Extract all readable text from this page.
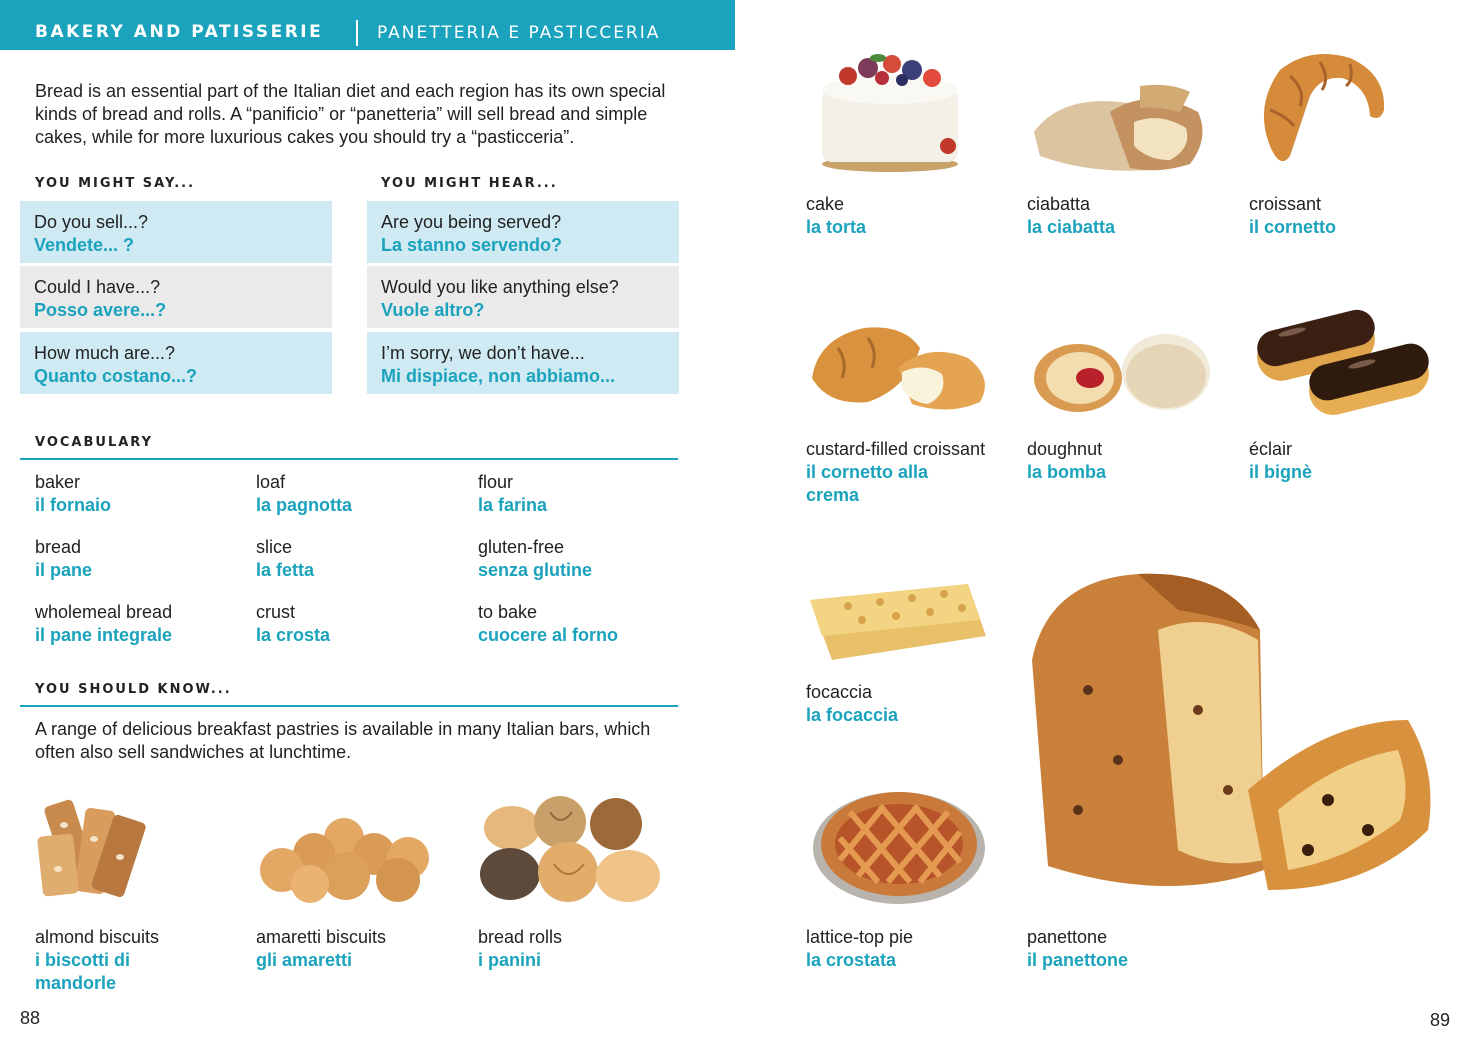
BAKERY AND PATISSERIE	PANETTERIA E PASTICCERIA
Bread is an essential part of the Italian diet and each region has its own special kinds of bread and rolls. A “panificio” or “panetteria” will sell bread and simple cakes, while for more luxurious cakes you should try a “pasticceria”.
YOU MIGHT SAY...
Do you sell...?
Vendete... ?
Could I have...?
Posso avere...?
How much are...?
Quanto costano...?
YOU MIGHT HEAR...
Are you being served?
La stanno servendo?
Would you like anything else?
Vuole altro?
I’m sorry, we don’t have...
Mi dispiace, non abbiamo...
VOCABULARY
baker
il fornaio
loaf
la pagnotta
flour
la farina
bread
il pane
slice
la fetta
gluten-free
senza glutine
wholemeal bread
il pane integrale
crust
la crosta
to bake
cuocere al forno
YOU SHOULD KNOW...
A range of delicious breakfast pastries is available in many Italian bars, which often also sell sandwiches at lunchtime.
almond biscuits
i biscotti di mandorle
amaretti biscuits
gli amaretti
bread rolls
i panini
88
cake
la torta
ciabatta
la ciabatta
croissant
il cornetto
custard-filled croissant
il cornetto alla crema
doughnut
la bomba
éclair
il bignè
focaccia
la focaccia
lattice-top pie
la crostata
panettone
il panettone
89
